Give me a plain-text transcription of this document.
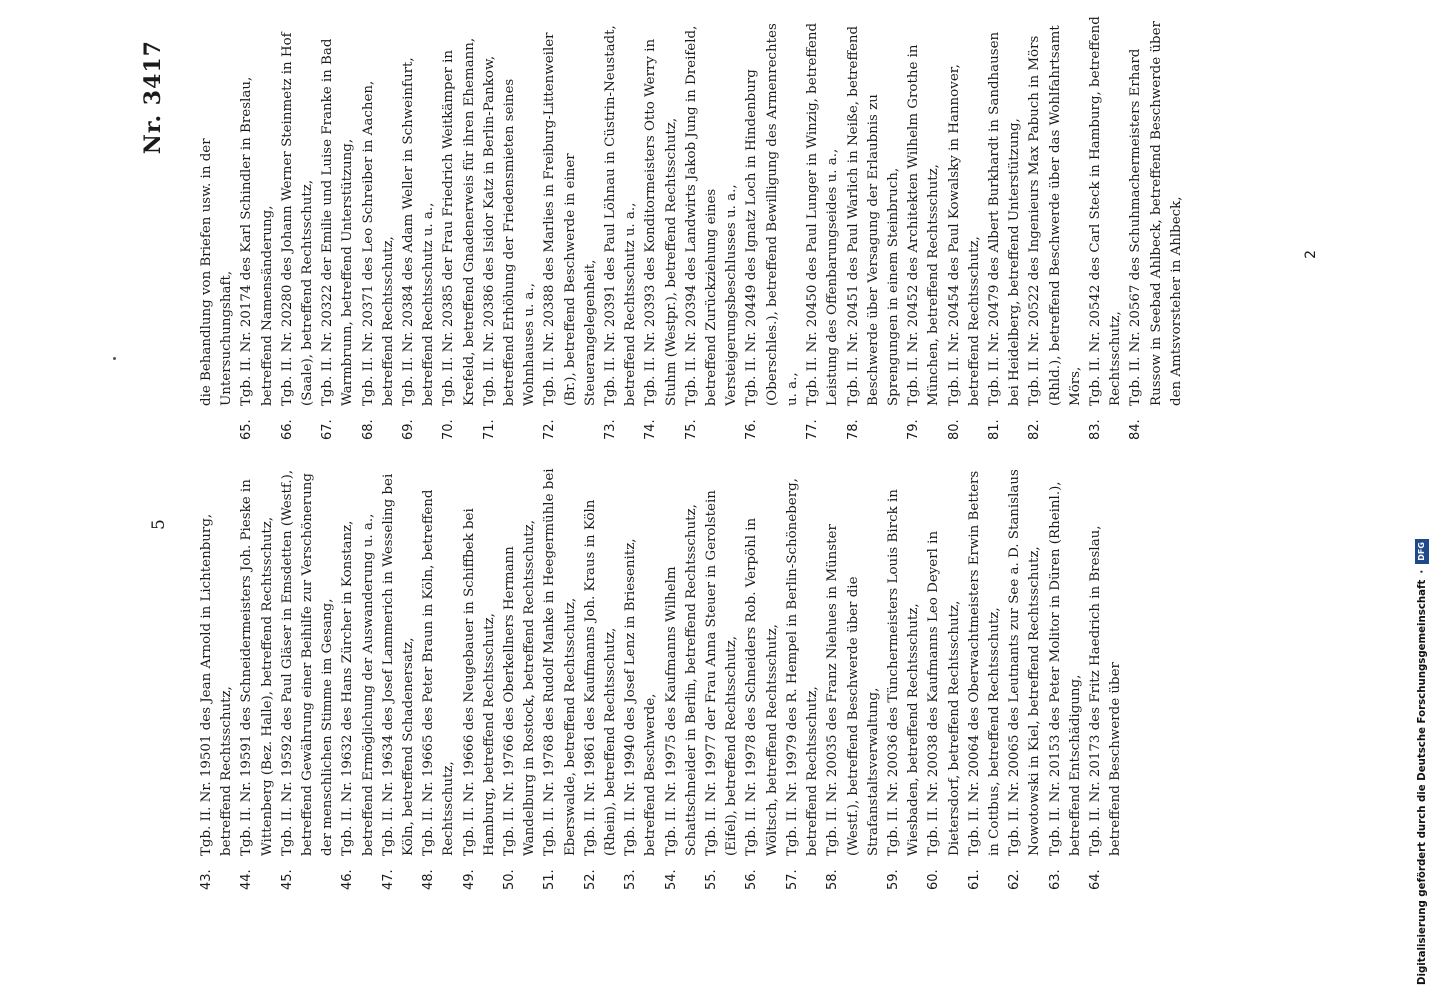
5
Nr. 3417
43.
Tgb. II. Nr. 19501 des Jean Arnold in Lichtenburg, betreffend Rechtsschutz,
44.
Tgb. II. Nr. 19591 des Schneidermeisters Joh. Pieske in Wittenberg (Bez. Halle), betreffend Rechtsschutz,
45.
Tgb. II. Nr. 19592 des Paul Gläser in Emsdetten (Westf.), betreffend Gewährung einer Beihilfe zur Verschönerung der menschlichen Stimme im Gesang,
46.
Tgb. II. Nr. 19632 des Hans Zürcher in Konstanz, betreffend Ermöglichung der Auswanderung u. a.,
47.
Tgb. II. Nr. 19634 des Josef Lammerich in Wesseling bei Köln, betreffend Schadenersatz,
48.
Tgb. II. Nr. 19665 des Peter Braun in Köln, betreffend Rechtsschutz,
49.
Tgb. II. Nr. 19666 des Neugebauer in Schiffbek bei Hamburg, betreffend Rechtsschutz,
50.
Tgb. II. Nr. 19766 des Oberkellners Hermann Wandelburg in Rostock, betreffend Rechtsschutz,
51.
Tgb. II. Nr. 19768 des Rudolf Manke in Heegermühle bei Eberswalde, betreffend Rechtsschutz,
52.
Tgb. II. Nr. 19861 des Kaufmanns Joh. Kraus in Köln (Rhein), betreffend Rechtsschutz,
53.
Tgb. II. Nr. 19940 des Josef Lenz in Briesenitz, betreffend Beschwerde,
54.
Tgb. II. Nr. 19975 des Kaufmanns Wilhelm Schattschneider in Berlin, betreffend Rechtsschutz,
55.
Tgb. II. Nr. 19977 der Frau Anna Steuer in Gerolstein (Eifel), betreffend Rechtsschutz,
56.
Tgb. II. Nr. 19978 des Schneiders Rob. Verpöhl in Wöltsch, betreffend Rechtsschutz,
57.
Tgb. II. Nr. 19979 des R. Hempel in Berlin-Schöneberg, betreffend Rechtsschutz,
58.
Tgb. II. Nr. 20035 des Franz Niehues in Münster (Westf.), betreffend Beschwerde über die Strafanstaltsverwaltung,
59.
Tgb. II. Nr. 20036 des Tünchermeisters Louis Birck in Wiesbaden, betreffend Rechtsschutz,
60.
Tgb. II. Nr. 20038 des Kaufmanns Leo Deyerl in Dietersdorf, betreffend Rechtsschutz,
61.
Tgb. II. Nr. 20064 des Oberwachtmeisters Erwin Betters in Cottbus, betreffend Rechtsschutz,
62.
Tgb. II. Nr. 20065 des Leutnants zur See a. D. Stanislaus Nowotowski in Kiel, betreffend Rechtsschutz,
63.
Tgb. II. Nr. 20153 des Peter Molitor in Düren (Rheinl.), betreffend Entschädigung,
64.
Tgb. II. Nr. 20173 des Fritz Haedrich in Breslau, betreffend Beschwerde über
die Behandlung von Briefen usw. in der Untersuchungshaft,
65.
Tgb. II. Nr. 20174 des Karl Schindler in Breslau, betreffend Namensänderung,
66.
Tgb. II. Nr. 20280 des Johann Werner Steinmetz in Hof (Saale), betreffend Rechtsschutz,
67.
Tgb. II. Nr. 20322 der Emilie und Luise Franke in Bad Warmbrunn, betreffend Unterstützung,
68.
Tgb. II. Nr. 20371 des Leo Schreiber in Aachen, betreffend Rechtsschutz,
69.
Tgb. II. Nr. 20384 des Adam Weller in Schweinfurt, betreffend Rechtsschutz u. a.,
70.
Tgb. II. Nr. 20385 der Frau Friedrich Weitkämper in Krefeld, betreffend Gnadenerweis für ihren Ehemann,
71.
Tgb. II. Nr. 20386 des Isidor Katz in Berlin-Pankow, betreffend Erhöhung der Friedensmieten seines Wohnhauses u. a.,
72.
Tgb. II. Nr. 20388 des Marlies in Freiburg-Littenweiler (Br.), betreffend Beschwerde in einer Steuerangelegenheit,
73.
Tgb. II. Nr. 20391 des Paul Löhnau in Cüstrin-Neustadt, betreffend Rechtsschutz u. a.,
74.
Tgb. II. Nr. 20393 des Konditormeisters Otto Werry in Stuhm (Westpr.), betreffend Rechtsschutz,
75.
Tgb. II. Nr. 20394 des Landwirts Jakob Jung in Dreifeld, betreffend Zurückziehung eines Versteigerungsbeschlusses u. a.,
76.
Tgb. II. Nr. 20449 des Ignatz Loch in Hindenburg (Oberschles.), betreffend Bewilligung des Armenrechtes u. a.,
77.
Tgb. II. Nr. 20450 des Paul Lunger in Winzig, betreffend Leistung des Offenbarungseides u. a.,
78.
Tgb. II. Nr. 20451 des Paul Warlich in Neiße, betreffend Beschwerde über Versagung der Erlaubnis zu Sprengungen in einem Steinbruch,
79.
Tgb. II. Nr. 20452 des Architekten Wilhelm Grothe in München, betreffend Rechtsschutz,
80.
Tgb. II. Nr. 20454 des Paul Kowalsky in Hannover, betreffend Rechtsschutz,
81.
Tgb. II. Nr. 20479 des Albert Burkhardt in Sandhausen bei Heidelberg, betreffend Unterstützung,
82.
Tgb. II. Nr. 20522 des Ingenieurs Max Pabuch in Mörs (Rhld.), betreffend Beschwerde über das Wohlfahrtsamt Mörs,
83.
Tgb. II. Nr. 20542 des Carl Steck in Hamburg, betreffend Rechtsschutz,
84.
Tgb. II. Nr. 20567 des Schuhmachermeisters Erhard Russow in Seebad Ahlbeck, betreffend Beschwerde über den Amtsvorsteher in Ahlbeck,	2
Digitalisierung gefördert durch die Deutsche Forschungsgemeinschaft
·
DFG
